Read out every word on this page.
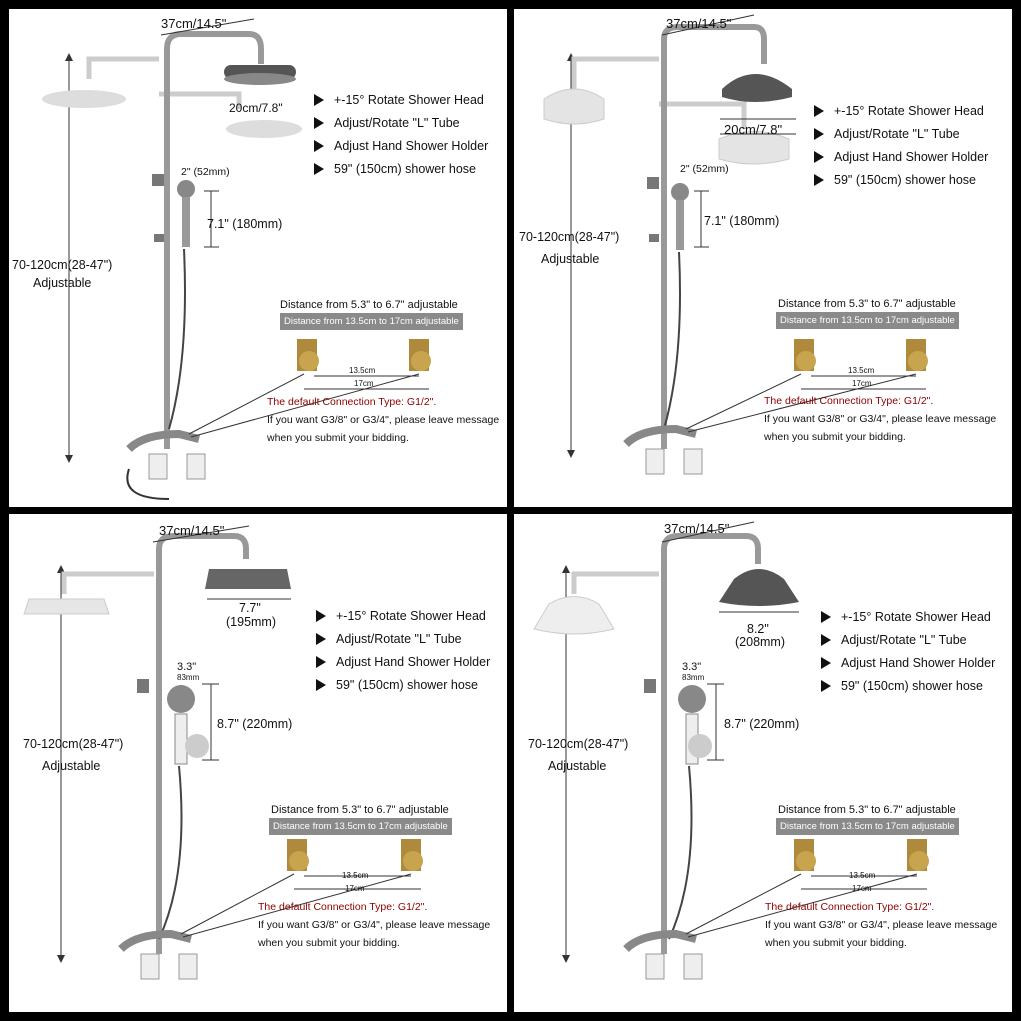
37cm/14.5"
20cm/7.8"
2" (52mm)
7.1" (180mm)
70-120cm(28-47")
Adjustable
+-15° Rotate Shower Head
Adjust/Rotate "L" Tube
Adjust Hand Shower Holder
59" (150cm) shower hose
Distance from 5.3" to 6.7" adjustable
Distance from 13.5cm to 17cm adjustable
13.5cm
17cm
The default Connection Type: G1/2".
If you want G3/8" or G3/4", please leave message
when you submit your bidding.
37cm/14.5"
20cm/7.8"
2" (52mm)
7.1" (180mm)
70-120cm(28-47")
Adjustable
+-15° Rotate Shower Head
Adjust/Rotate "L" Tube
Adjust Hand Shower Holder
59" (150cm) shower hose
Distance from 5.3" to 6.7" adjustable
Distance from 13.5cm to 17cm adjustable
13.5cm
17cm
The default Connection Type: G1/2".
If you want G3/8" or G3/4", please leave message
when you submit your bidding.
37cm/14.5"
7.7"
(195mm)
3.3"
83mm
8.7" (220mm)
70-120cm(28-47")
Adjustable
+-15° Rotate Shower Head
Adjust/Rotate "L" Tube
Adjust Hand Shower Holder
59" (150cm) shower hose
Distance from 5.3" to 6.7" adjustable
Distance from 13.5cm to 17cm adjustable
13.5cm
17cm
The default Connection Type: G1/2".
If you want G3/8" or G3/4", please leave message
when you submit your bidding.
37cm/14.5"
8.2"
(208mm)
3.3"
83mm
8.7" (220mm)
70-120cm(28-47")
Adjustable
+-15° Rotate Shower Head
Adjust/Rotate "L" Tube
Adjust Hand Shower Holder
59" (150cm) shower hose
Distance from 5.3" to 6.7" adjustable
Distance from 13.5cm to 17cm adjustable
13.5cm
17cm
The default Connection Type: G1/2".
If you want G3/8" or G3/4", please leave message
when you submit your bidding.
